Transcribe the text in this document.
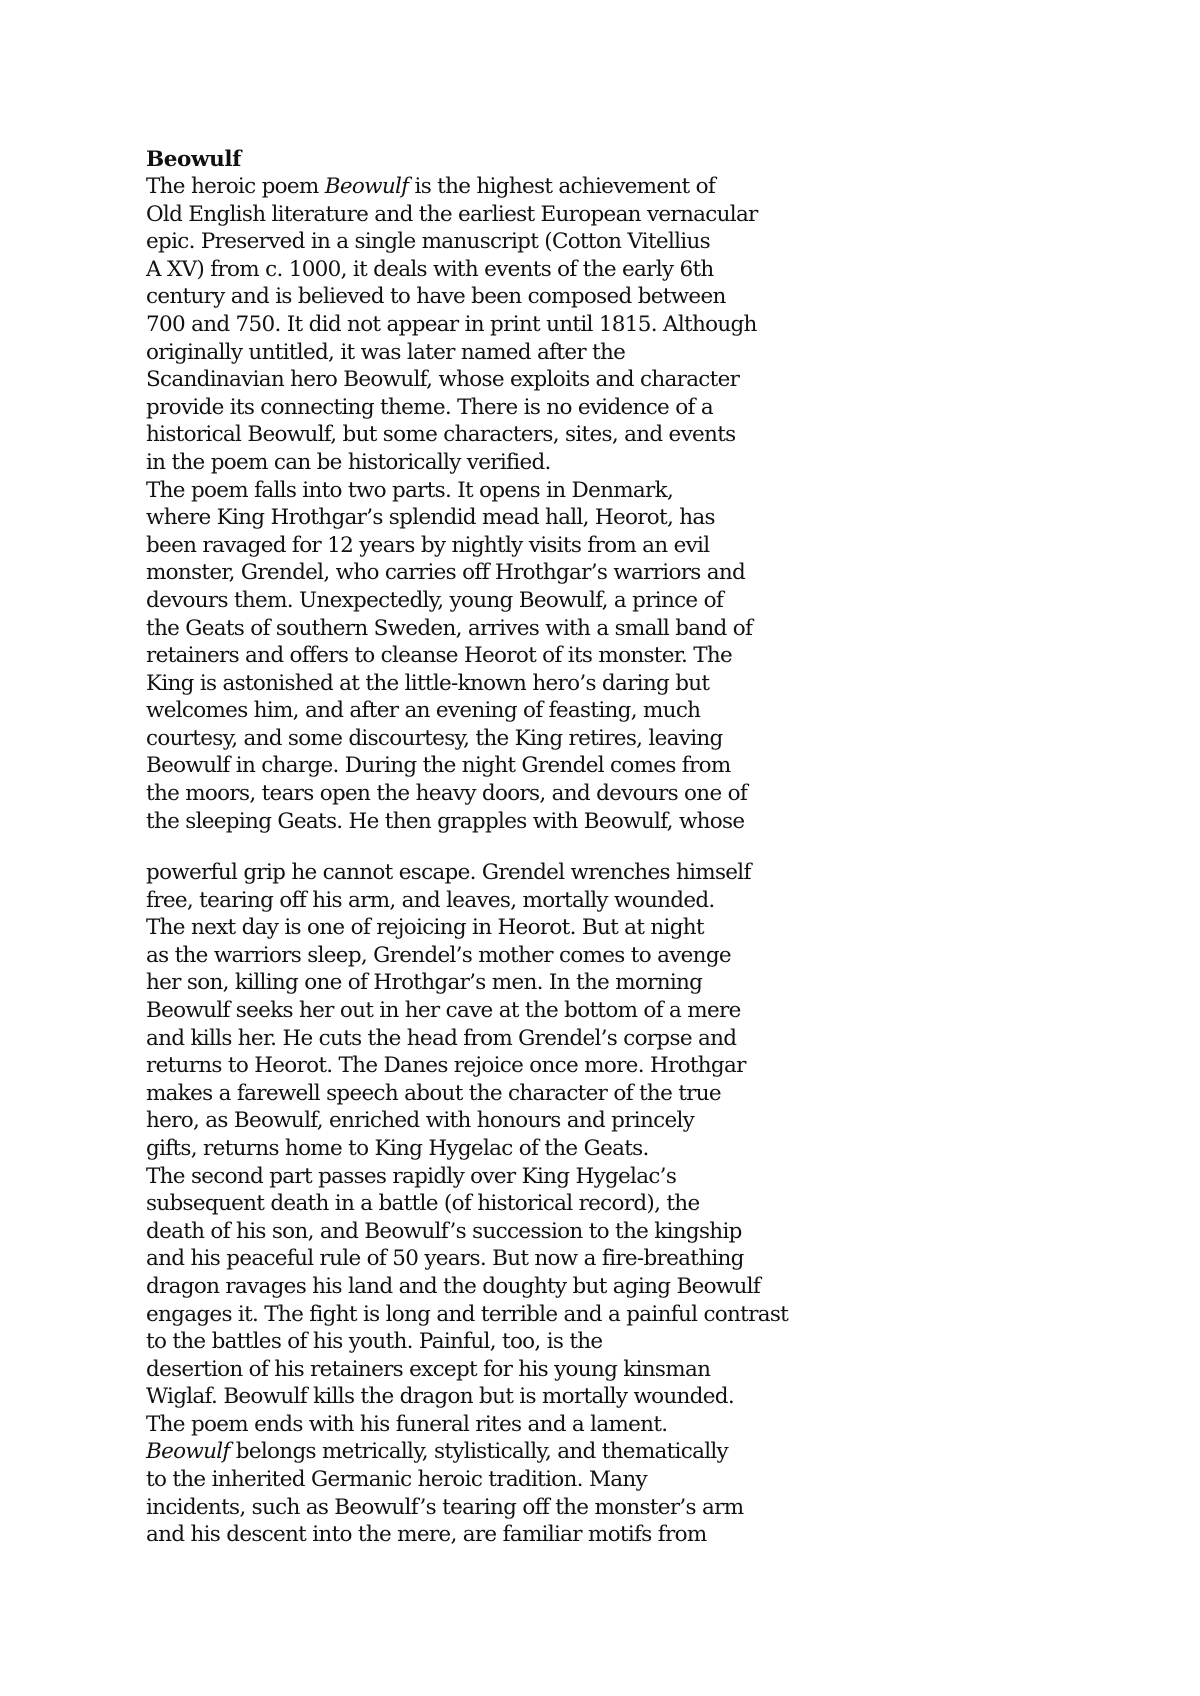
Beowulf

The heroic poem Beowulf is the highest achievement of
Old English literature and the earliest European vernacular
epic. Preserved in a single manuscript (Cotton Vitellius
A XV) from c. 1000, it deals with events of the early 6th
century and is believed to have been composed between
700 and 750. It did not appear in print until 1815. Although
originally untitled, it was later named after the
Scandinavian hero Beowulf, whose exploits and character
provide its connecting theme. There is no evidence of a
historical Beowulf, but some characters, sites, and events
in the poem can be historically verified.
The poem falls into two parts. It opens in Denmark,
where King Hrothgar’s splendid mead hall, Heorot, has
been ravaged for 12 years by nightly visits from an evil
monster, Grendel, who carries off Hrothgar’s warriors and
devours them. Unexpectedly, young Beowulf, a prince of
the Geats of southern Sweden, arrives with a small band of
retainers and offers to cleanse Heorot of its monster. The
King is astonished at the little-known hero’s daring but
welcomes him, and after an evening of feasting, much
courtesy, and some discourtesy, the King retires, leaving
Beowulf in charge. During the night Grendel comes from
the moors, tears open the heavy doors, and devours one of
the sleeping Geats. He then grapples with Beowulf, whose

powerful grip he cannot escape. Grendel wrenches himself
free, tearing off his arm, and leaves, mortally wounded.
The next day is one of rejoicing in Heorot. But at night
as the warriors sleep, Grendel’s mother comes to avenge
her son, killing one of Hrothgar’s men. In the morning
Beowulf seeks her out in her cave at the bottom of a mere
and kills her. He cuts the head from Grendel’s corpse and
returns to Heorot. The Danes rejoice once more. Hrothgar
makes a farewell speech about the character of the true
hero, as Beowulf, enriched with honours and princely
gifts, returns home to King Hygelac of the Geats.
The second part passes rapidly over King Hygelac’s
subsequent death in a battle (of historical record), the
death of his son, and Beowulf’s succession to the kingship
and his peaceful rule of 50 years. But now a fire-breathing
dragon ravages his land and the doughty but aging Beowulf
engages it. The fight is long and terrible and a painful contrast
to the battles of his youth. Painful, too, is the
desertion of his retainers except for his young kinsman
Wiglaf. Beowulf kills the dragon but is mortally wounded.
The poem ends with his funeral rites and a lament.
Beowulf belongs metrically, stylistically, and thematically
to the inherited Germanic heroic tradition. Many
incidents, such as Beowulf’s tearing off the monster’s arm
and his descent into the mere, are familiar motifs from
